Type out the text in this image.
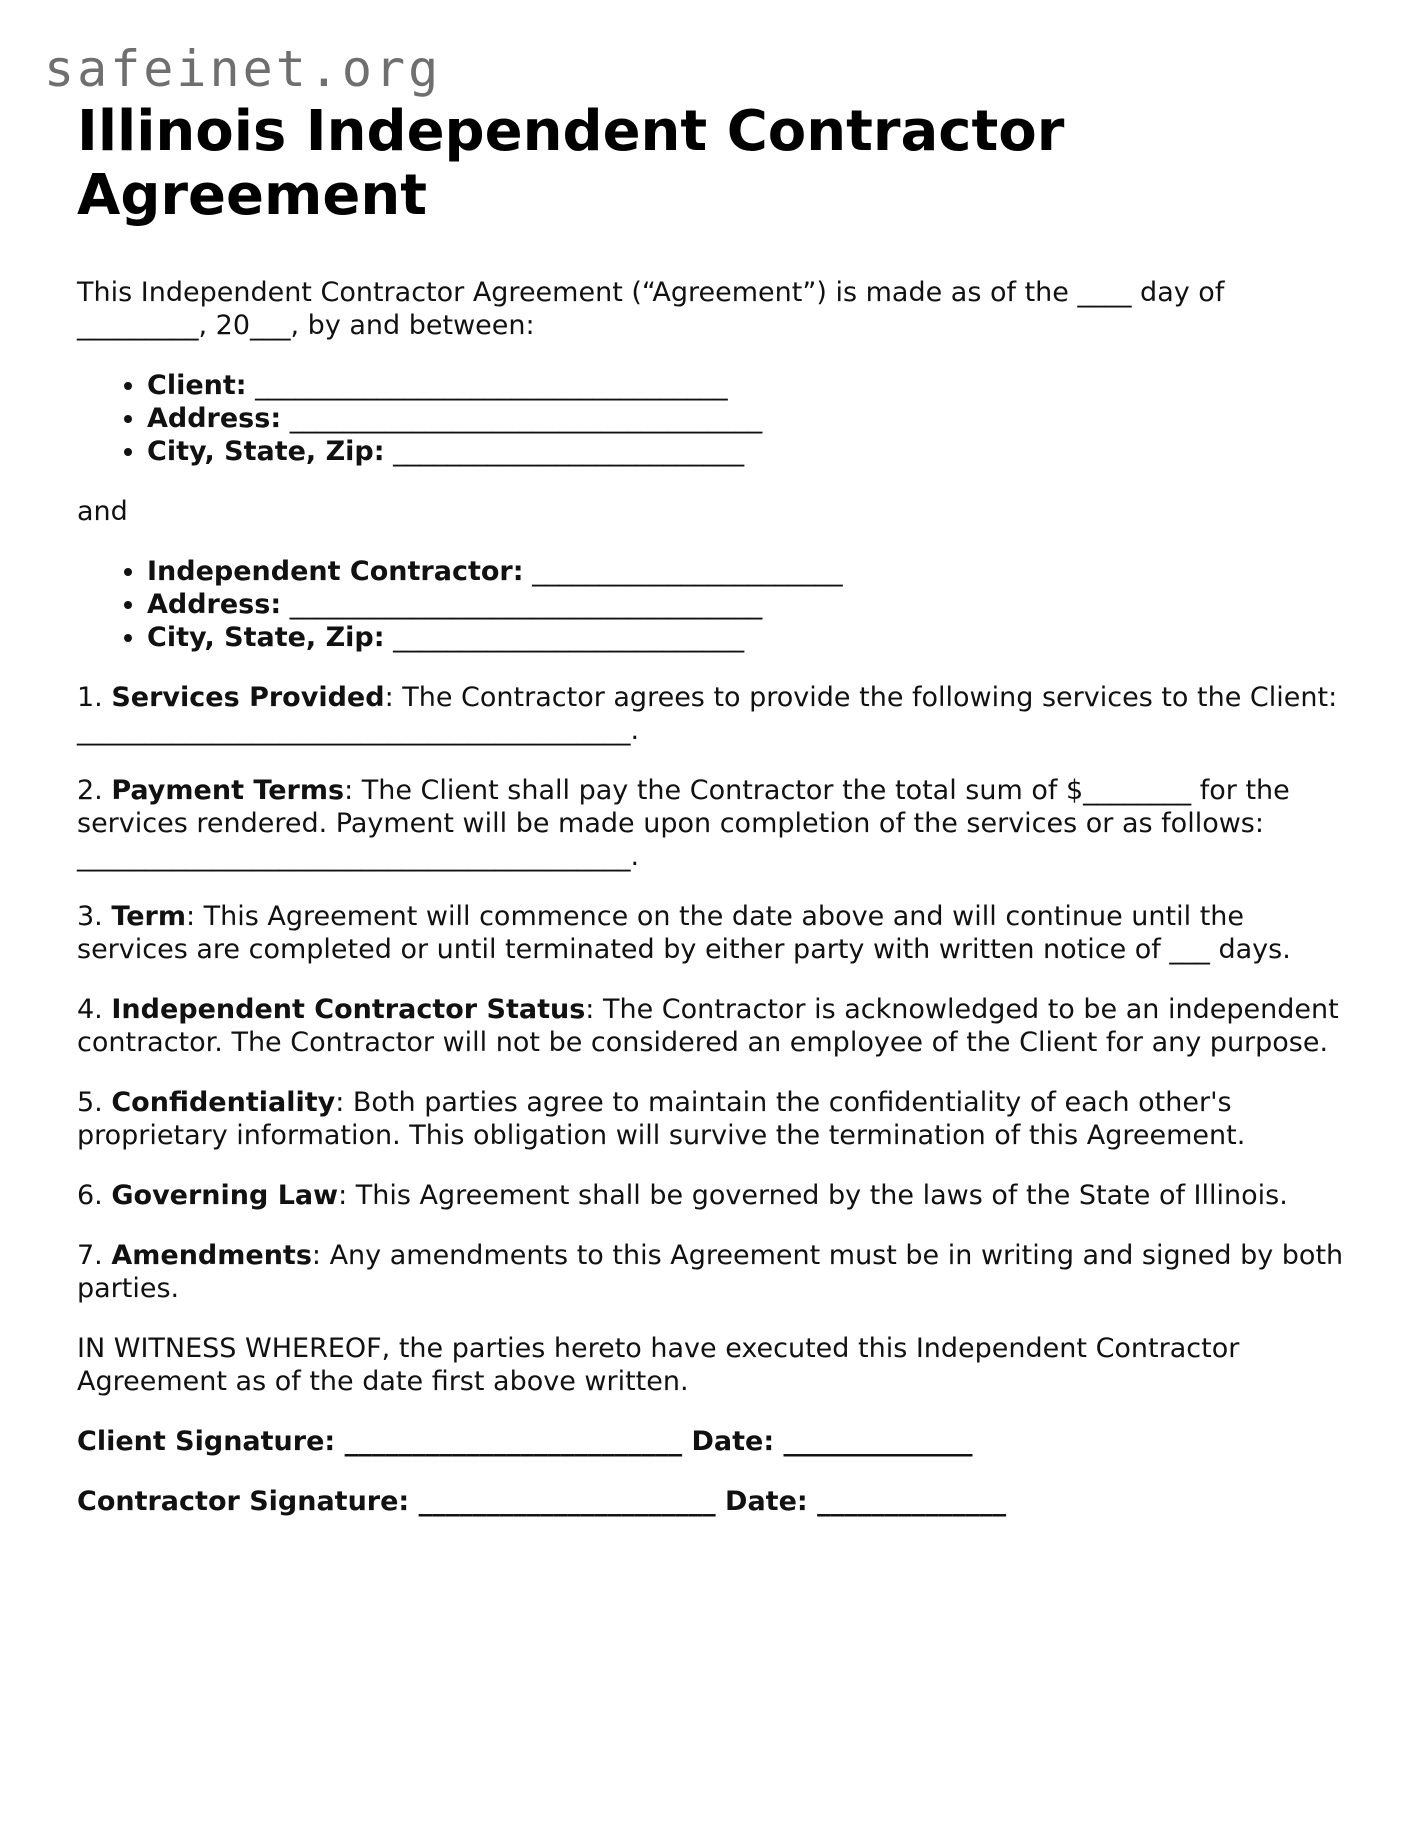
safeinet.org
Illinois Independent Contractor Agreement

This Independent Contractor Agreement (“Agreement”) is made as of the ____ day of _________, 20___, by and between:

• Client: ___________________________________
• Address: ___________________________________
• City, State, Zip: __________________________

and

• Independent Contractor: _______________________
• Address: ___________________________________
• City, State, Zip: __________________________

1. Services Provided: The Contractor agrees to provide the following services to the Client: _________________________________________.

2. Payment Terms: The Client shall pay the Contractor the total sum of $________ for the services rendered. Payment will be made upon completion of the services or as follows: _________________________________________.

3. Term: This Agreement will commence on the date above and will continue until the services are completed or until terminated by either party with written notice of ___ days.

4. Independent Contractor Status: The Contractor is acknowledged to be an independent contractor. The Contractor will not be considered an employee of the Client for any purpose.

5. Confidentiality: Both parties agree to maintain the confidentiality of each other's proprietary information. This obligation will survive the termination of this Agreement.

6. Governing Law: This Agreement shall be governed by the laws of the State of Illinois.

7. Amendments: Any amendments to this Agreement must be in writing and signed by both parties.

IN WITNESS WHEREOF, the parties hereto have executed this Independent Contractor Agreement as of the date first above written.

Client Signature: _________________________ Date: ______________

Contractor Signature: ______________________ Date: ______________
